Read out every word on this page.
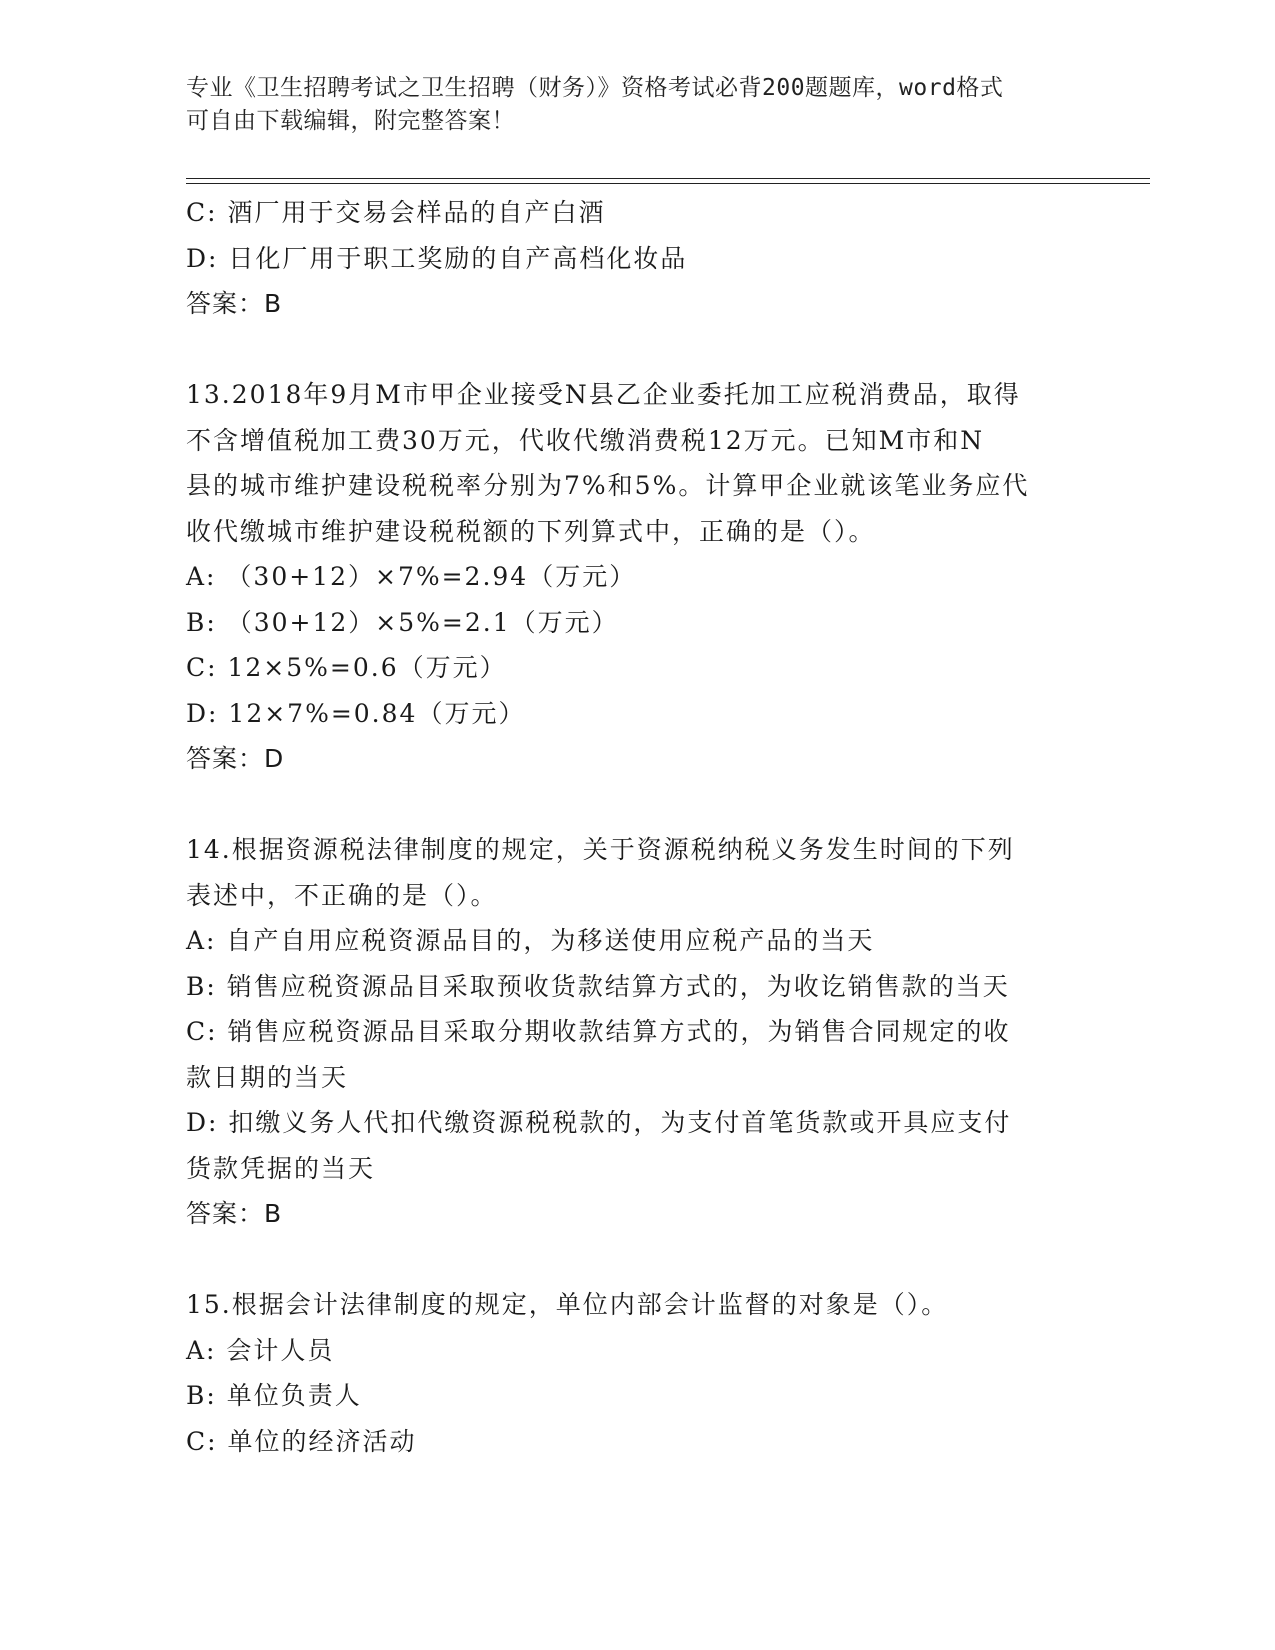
专业《卫生招聘考试之卫生招聘（财务）》资格考试必背200题题库，word格式
可自由下载编辑，附完整答案！
C: 酒厂用于交易会样品的自产白酒
D: 日化厂用于职工奖励的自产高档化妆品
答案：B
13.2018年9月M市甲企业接受N县乙企业委托加工应税消费品，取得
不含增值税加工费30万元，代收代缴消费税12万元。已知M市和N
县的城市维护建设税税率分别为7%和5%。计算甲企业就该笔业务应代
收代缴城市维护建设税税额的下列算式中，正确的是（）。
A: （30+12）×7%=2.94（万元）
B: （30+12）×5%=2.1（万元）
C: 12×5%=0.6（万元）
D: 12×7%=0.84（万元）
答案：D
14.根据资源税法律制度的规定，关于资源税纳税义务发生时间的下列
表述中，不正确的是（）。
A: 自产自用应税资源品目的，为移送使用应税产品的当天
B: 销售应税资源品目采取预收货款结算方式的，为收讫销售款的当天
C: 销售应税资源品目采取分期收款结算方式的，为销售合同规定的收
款日期的当天
D: 扣缴义务人代扣代缴资源税税款的，为支付首笔货款或开具应支付
货款凭据的当天
答案：B
15.根据会计法律制度的规定，单位内部会计监督的对象是（）。
A: 会计人员
B: 单位负责人
C: 单位的经济活动
